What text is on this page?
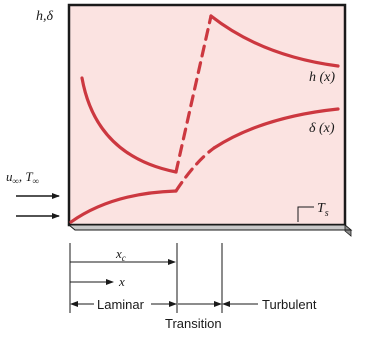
h,δ
h (x)
δ (x)
$T_s$
$u_\infty$, $T_\infty$
$x_c$
x
Laminar
Transition
Turbulent
